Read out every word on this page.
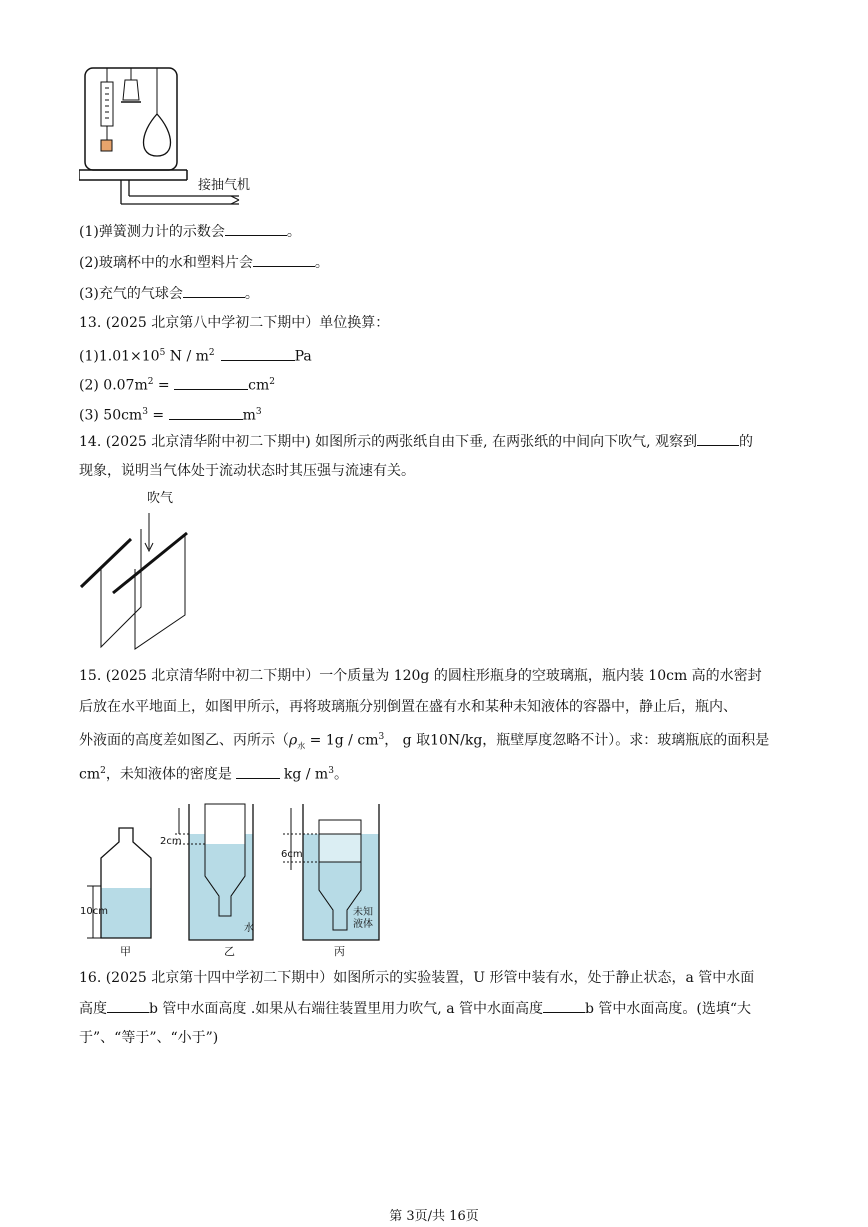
接抽气机
(1)弹簧测力计的示数会	。
(2)玻璃杯中的水和塑料片会	。
(3)充气的气球会	。
13. (2025 北京第八中学初二下期中）单位换算：
$(1)1.01\times 10^5$ N / $m^2$	Pa
(2) $0.07m^2$ =	$cm^2$
(3) $50cm^3$ =	$m^3$
14. (2025 北京清华附中初二下期中) 如图所示的两张纸自由下垂, 在两张纸的中间向下吹气, 观察到	的
现象，说明当气体处于流动状态时其压强与流速有关。
吹气
15. (2025 北京清华附中初二下期中）一个质量为 120g 的圆柱形瓶身的空玻璃瓶，瓶内装 10cm 高的水密封
后放在水平地面上，如图甲所示，再将玻璃瓶分别倒置在盛有水和某种未知液体的容器中，静止后，瓶内、
外液面的高度差如图乙、丙所示（$\rho_水 = 1g / cm^3$， g 取10N/kg，瓶壁厚度忽略不计）。求：玻璃瓶底的面积是
$cm^2$，未知液体的密度是	kg / $m^3$。
10cm
2cm
6cm
水
未知
液体
甲	乙	丙
16. (2025 北京第十四中学初二下期中）如图所示的实验装置，U 形管中装有水，处于静止状态，a 管中水面
高度	b 管中水面高度 .如果从右端往装置里用力吹气, a 管中水面高度	b 管中水面高度。(选填“大
于”、“等于”、“小于”)
第 3页/共 16页
